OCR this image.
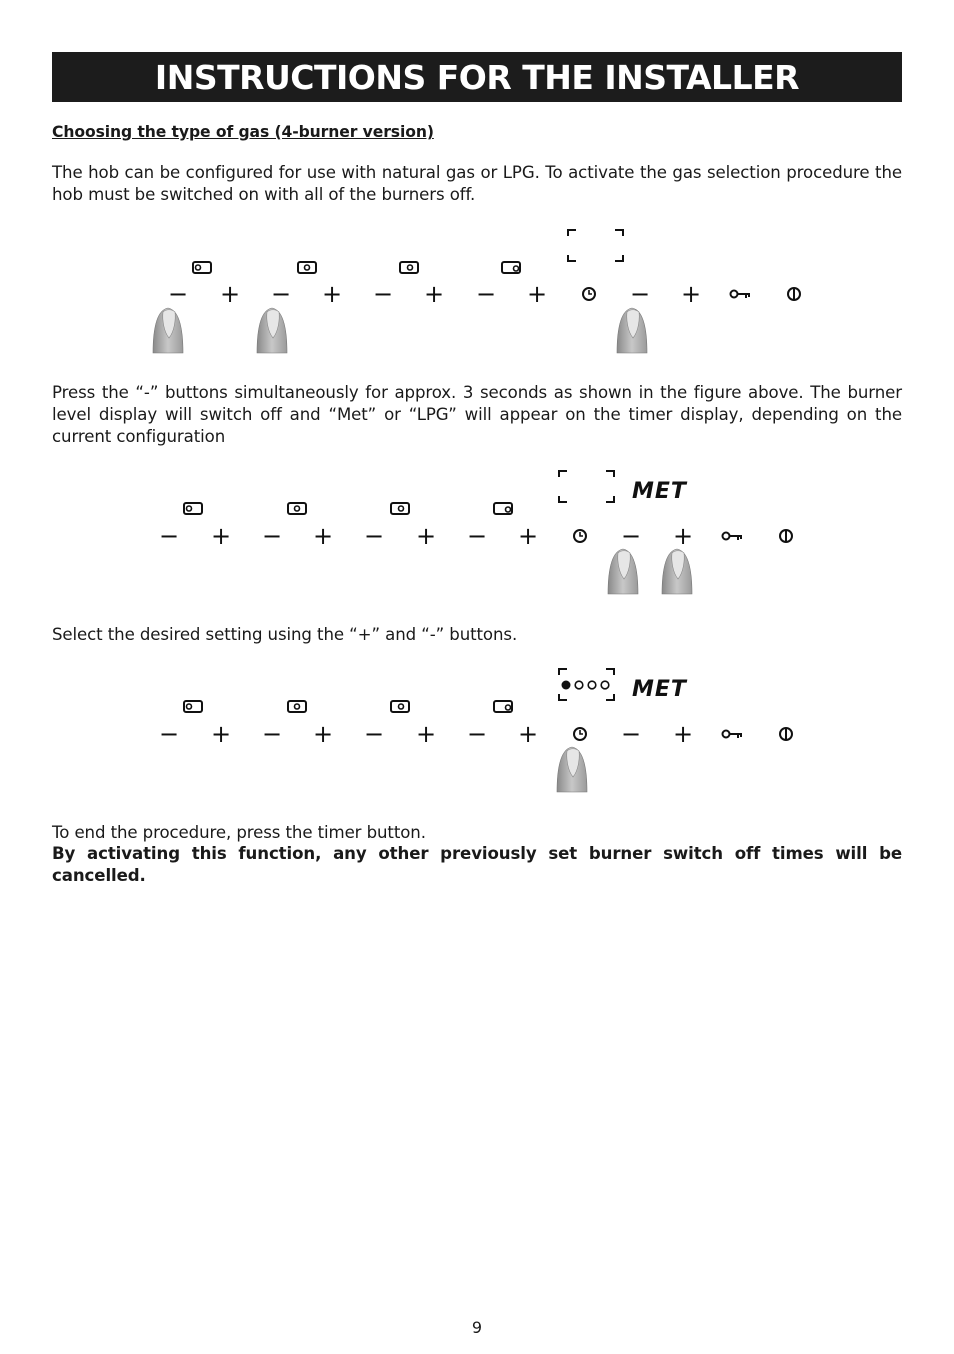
INSTRUCTIONS FOR THE INSTALLER
Choosing the type of gas (4-burner version)
The hob can be configured for use with natural gas or LPG. To activate the gas selection procedure the hob must be switched on with all of the burners off.
− + − + − + − +	− +
Press the “-” buttons simultaneously for approx. 3 seconds as shown in the figure above. The burner level display will switch off and “Met” or “LPG” will appear on the timer display, depending on the current configuration
MET
− + − + − + − +	− +
Select the desired setting using the “+” and “-” buttons.
MET
− + − + − + − +	− +
To end the procedure, press the timer button.
By activating this function, any other previously set burner switch off times will be cancelled.
9
